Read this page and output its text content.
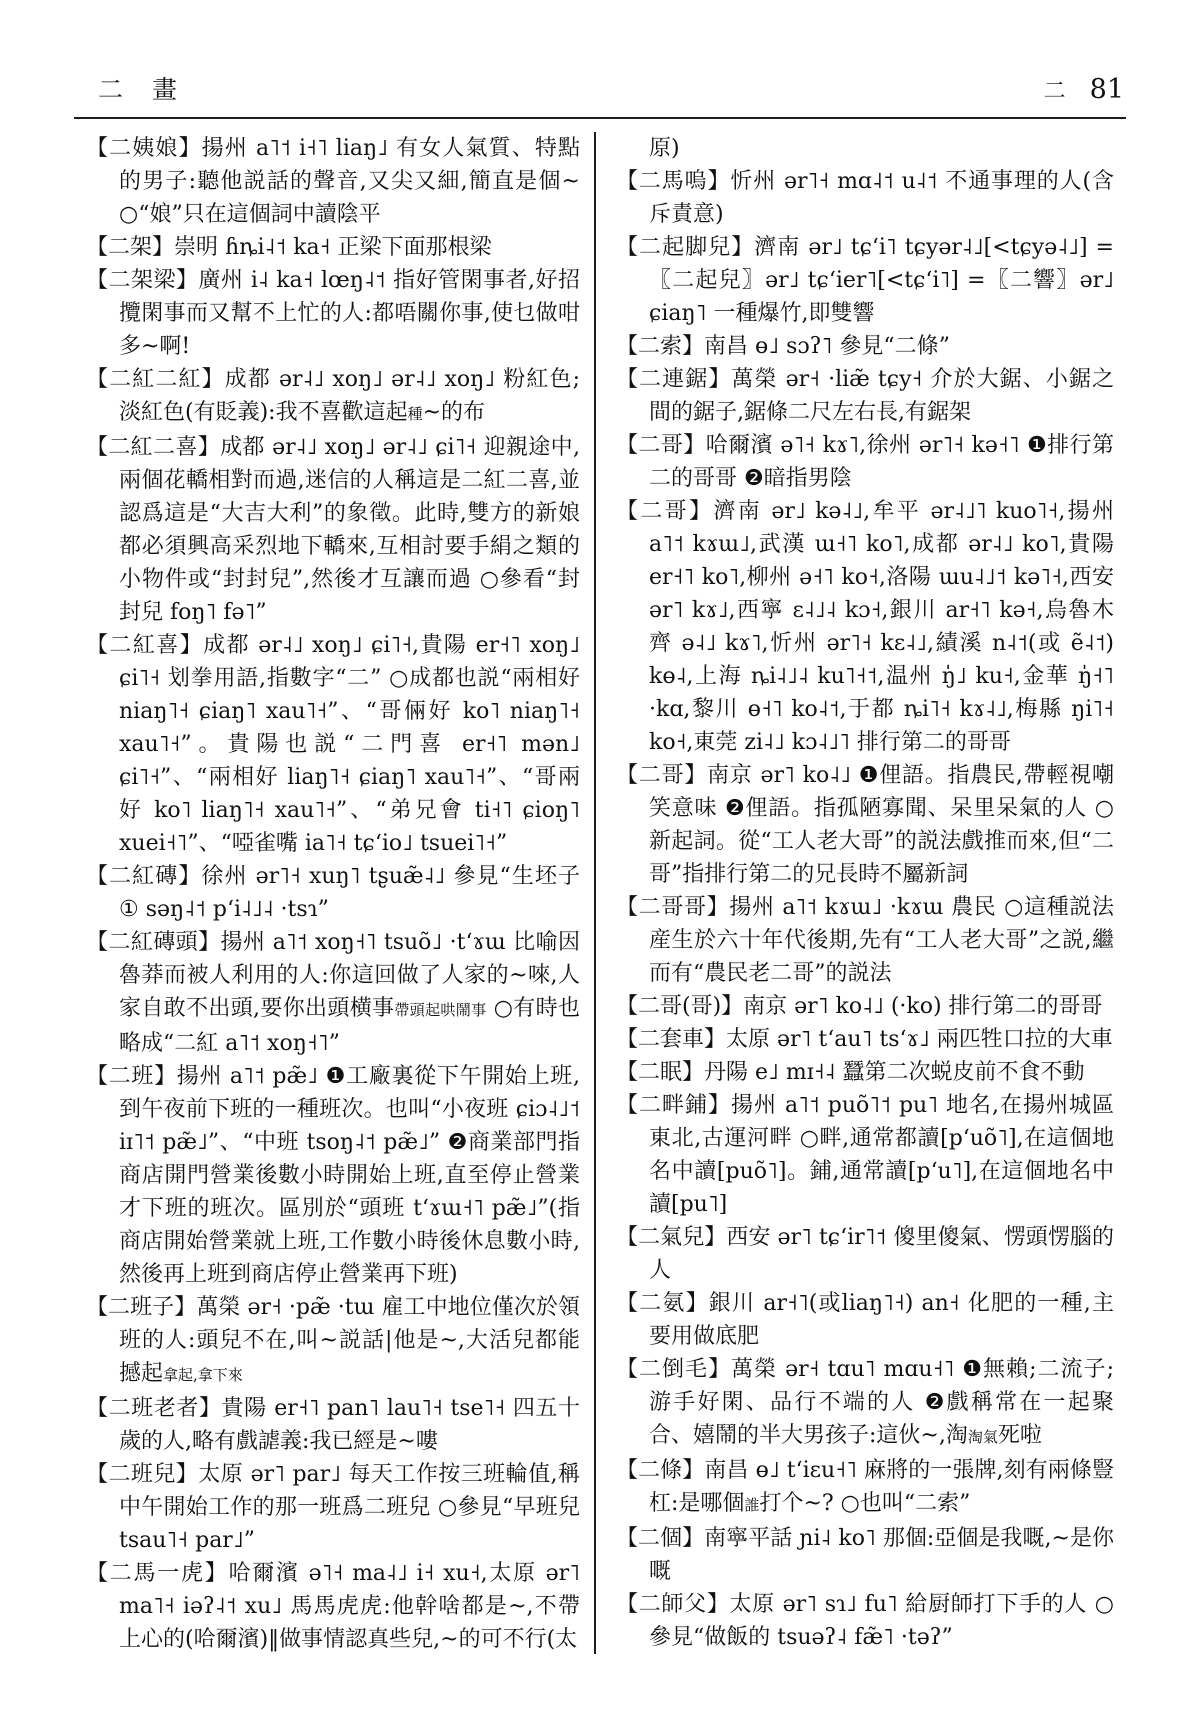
二　畫	二 81

【二姨娘】揚州 a˥˦ i˧˥ liaŋ˩ 有女人氣質、特點的男子:聽他説話的聲音,又尖又細,簡直是個~ ○“娘”只在這個詞中讀陰平

【二架】崇明 ɦȵi˨˦ ka˧ 正梁下面那根梁

【二架梁】廣州 i˨ ka˧ lœŋ˨˦ 指好管閑事者,好招攬閑事而又幫不上忙的人:都唔關你事,使乜做咁多~啊!

【二紅二紅】成都 ər˨˩ xoŋ˩ ər˨˩ xoŋ˩ 粉紅色;淡紅色(有貶義):我不喜歡這起種~的布

【二紅二喜】成都 ər˨˩ xoŋ˩ ər˨˩ ɕi˥˧ 迎親途中,兩個花轎相對而過,迷信的人稱這是二紅二喜,並認爲這是“大吉大利”的象徵。此時,雙方的新娘都必須興高采烈地下轎來,互相討要手絹之類的小物件或“封封兒”,然後才互讓而過 ○參看“封封兒 foŋ˥ fə˥”

【二紅喜】成都 ər˨˩ xoŋ˩ ɕi˥˧,貴陽 er˧˥ xoŋ˩ ɕi˥˧ 划拳用語,指數字“二” ○成都也説“兩相好 niaŋ˥˧ ɕiaŋ˥ xau˥˧”、“哥倆好 ko˥ niaŋ˥˧ xau˥˧”。貴陽也説“二門喜 er˧˥ mən˩ ɕi˥˧”、“兩相好 liaŋ˥˧ ɕiaŋ˥ xau˥˧”、“哥兩好 ko˥ liaŋ˥˧ xau˥˧”、“弟兄會 ti˧˥ ɕioŋ˥ xuei˧˥”、“啞雀嘴 ia˥˧ tɕʻio˩ tsuei˥˧”

【二紅磚】徐州 ər˥˧ xuŋ˥ tʂuæ̃˨˩ 參見“生坯子① səŋ˨˦ pʻi˨˩˨ ·tsɿ”

【二紅磚頭】揚州 a˥˦ xoŋ˧˥ tsuõ˩ ·tʻɤɯ 比喻因魯莽而被人利用的人:你這回做了人家的~唻,人家自敢不出頭,要你出頭横事帶頭起哄鬧事 ○有時也略成“二紅 a˥˦ xoŋ˧˥”

【二班】揚州 a˥˦ pæ̃˩ ❶工廠裏從下午開始上班,到午夜前下班的一種班次。也叫“小夜班 ɕiɔ˨˩˦ iɪ˥˦ pæ̃˩”、“中班 tsoŋ˨˦ pæ̃˩” ❷商業部門指商店開門營業後數小時開始上班,直至停止營業才下班的班次。區別於“頭班 tʻɤɯ˧˥ pæ̃˩”(指商店開始營業就上班,工作數小時後休息數小時,然後再上班到商店停止營業再下班)

【二班子】萬榮 ər˧ ·pæ̃ ·tɯ 雇工中地位僅次於領班的人:頭兒不在,叫~説話|他是~,大活兒都能撼起拿起,拿下來

【二班老者】貴陽 er˧˥ pan˥ lau˥˧ tse˥˧ 四五十歲的人,略有戲謔義:我已經是~嘍

【二班兒】太原 ər˥ par˩ 每天工作按三班輪值,稱中午開始工作的那一班爲二班兒 ○參見“早班兒 tsau˥˧ par˩”

【二馬一虎】哈爾濱 ə˥˧ ma˨˩ i˧ xu˧,太原 ər˥ ma˥˧ iəʔ˨˦ xu˩ 馬馬虎虎:他幹啥都是~,不帶上心的(哈爾濱)‖做事情認真些兒,~的可不行(太

原)

【二馬嗚】忻州 ər˥˧ mɑ˨˦ u˨˦ 不通事理的人(含斥責意)

【二起脚兒】濟南 ər˩ tɕʻi˥ tɕyər˨˩[<tɕyə˨˩] =〖二起兒〗ər˩ tɕʻier˥[<tɕʻi˥] =〖二響〗ər˩ ɕiaŋ˥ 一種爆竹,即雙響

【二索】南昌 ɵ˩ sɔʔ˥ 參見“二條”

【二連鋸】萬榮 ər˧ ·liæ̃ tɕy˧ 介於大鋸、小鋸之間的鋸子,鋸條二尺左右長,有鋸架

【二哥】哈爾濱 ə˥˧ kɤ˥,徐州 ər˥˧ kə˧˥ ❶排行第二的哥哥 ❷暗指男陰

【二哥】濟南 ər˩ kə˨˩,牟平 ər˨˩˥ kuo˥˧,揚州 a˥˦ kɤɯ˩,武漢 ɯ˧˥ ko˥,成都 ər˨˩ ko˥,貴陽 er˧˥ ko˥,柳州 ə˧˥ ko˧,洛陽 ɯu˨˩˦ kə˥˧,西安 ər˥ kɤ˩,西寧 ɛ˨˩˨ kɔ˧,銀川 ar˧˥ kə˧,烏魯木齊 ə˨˩ kɤ˥,忻州 ər˥˧ kɛ˨˩,績溪 n˨˦(或 ẽ˨˦) kɵ˨,上海 ȵi˨˩˨ ku˥˧˦,温州 ŋ̍˩ ku˧,金華 ŋ̍˧˥ ·kɑ,黎川 ɵ˧˥ ko˨˦,于都 ȵi˥˧ kɤ˨˩,梅縣 ŋi˥˧ ko˧,東莞 zi˨˩ kɔ˨˩˥ 排行第二的哥哥

【二哥】南京 ər˥ ko˨˩ ❶俚語。指農民,帶輕視嘲笑意味 ❷俚語。指孤陋寡聞、呆里呆氣的人 ○新起詞。從“工人老大哥”的説法戲推而來,但“二哥”指排行第二的兄長時不屬新詞

【二哥哥】揚州 a˥˦ kɤɯ˩ ·kɤɯ 農民 ○這種説法産生於六十年代後期,先有“工人老大哥”之説,繼而有“農民老二哥”的説法

【二哥(哥)】南京 ər˥ ko˨˩ (·ko) 排行第二的哥哥

【二套車】太原 ər˥ tʻau˥ tsʻɤ˩ 兩匹牲口拉的大車

【二眠】丹陽 e˩ mɪ˧˨ 蠶第二次蜕皮前不食不動

【二畔鋪】揚州 a˥˦ puõ˥˦ pu˥ 地名,在揚州城區東北,古運河畔 ○畔,通常都讀[pʻuõ˥],在這個地名中讀[puõ˥]。鋪,通常讀[pʻu˥],在這個地名中讀[pu˥]

【二氣兒】西安 ər˥ tɕʻir˥˦ 傻里傻氣、愣頭愣腦的人

【二氨】銀川 ar˧˥(或liaŋ˥˧) an˧ 化肥的一種,主要用做底肥

【二倒毛】萬榮 ər˧ tɑu˥ mɑu˧˥ ❶無賴;二流子;游手好閑、品行不端的人 ❷戲稱常在一起聚合、嬉鬧的半大男孩子:這伙~,淘淘氣死啦

【二條】南昌 ɵ˩ tʻiɛu˧˥ 麻將的一張牌,刻有兩條豎杠:是哪個誰打个~? ○也叫“二索”

【二個】南寧平話 ɲi˨ ko˥ 那個:亞個是我嘅,~是你嘅

【二師父】太原 ər˥ sɿ˩ fu˥ 給厨師打下手的人 ○參見“做飯的 tsuəʔ˨ fæ̃˥ ·təʔ”
